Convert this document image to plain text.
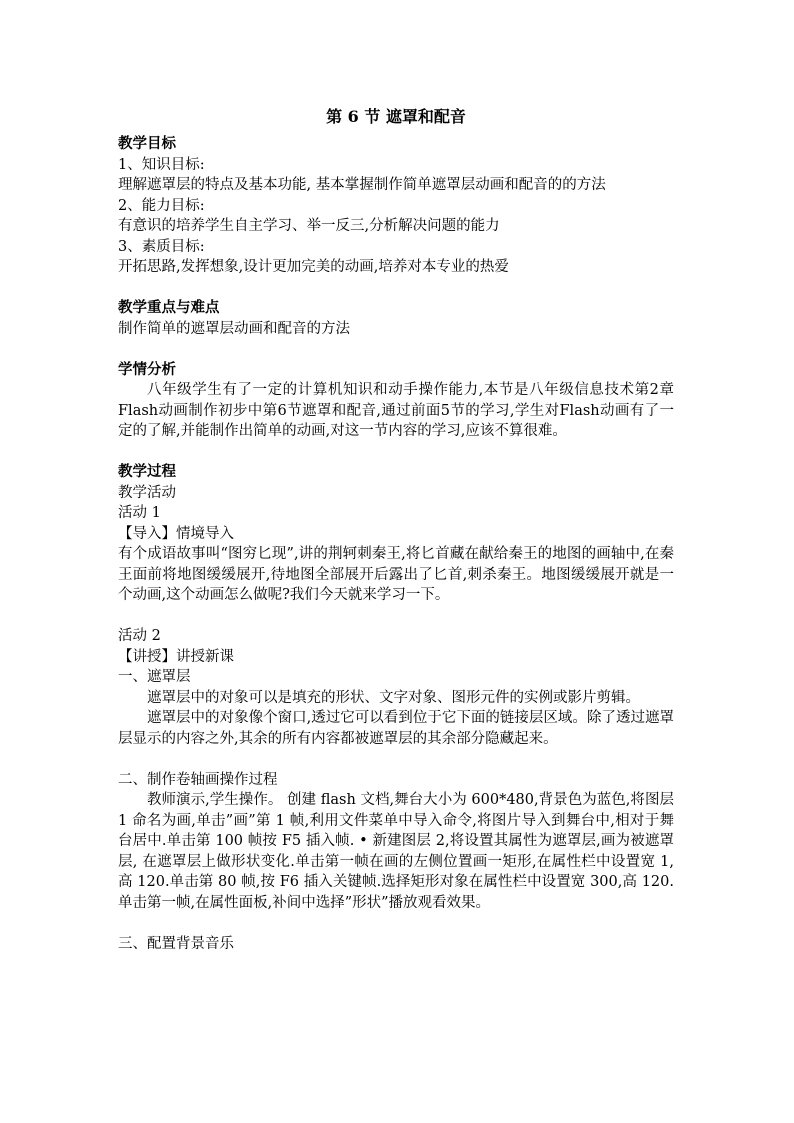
第 6 节 遮罩和配音
教学目标
1、知识目标:
理解遮罩层的特点及基本功能, 基本掌握制作简单遮罩层动画和配音的的方法
2、能力目标:
有意识的培养学生自主学习、举一反三,分析解决问题的能力
3、素质目标:
开拓思路,发挥想象,设计更加完美的动画,培养对本专业的热爱
教学重点与难点
制作简单的遮罩层动画和配音的方法
学情分析
八年级学生有了一定的计算机知识和动手操作能力,本节是八年级信息技术第2章Flash动画制作初步中第6节遮罩和配音,通过前面5节的学习,学生对Flash动画有了一定的了解,并能制作出简单的动画,对这一节内容的学习,应该不算很难。
教学过程
教学活动
活动 1
【导入】情境导入
有个成语故事叫“图穷匕现”,讲的荆轲刺秦王,将匕首藏在献给秦王的地图的画轴中,在秦王面前将地图缓缓展开,待地图全部展开后露出了匕首,刺杀秦王。地图缓缓展开就是一个动画,这个动画怎么做呢?我们今天就来学习一下。
活动 2
【讲授】讲授新课
一、遮罩层
遮罩层中的对象可以是填充的形状、文字对象、图形元件的实例或影片剪辑。
遮罩层中的对象像个窗口,透过它可以看到位于它下面的链接层区域。除了透过遮罩层显示的内容之外,其余的所有内容都被遮罩层的其余部分隐藏起来。
二、制作卷轴画操作过程
教师演示,学生操作。 创建 flash 文档,舞台大小为 600*480,背景色为蓝色,将图层 1 命名为画,单击”画”第 1 帧,利用文件菜单中导入命令,将图片导入到舞台中,相对于舞台居中.单击第 100 帧按 F5 插入帧. • 新建图层 2,将设置其属性为遮罩层,画为被遮罩层, 在遮罩层上做形状变化.单击第一帧在画的左侧位置画一矩形,在属性栏中设置宽 1,高 120.单击第 80 帧,按 F6 插入关键帧.选择矩形对象在属性栏中设置宽 300,高 120.单击第一帧,在属性面板,补间中选择”形状”播放观看效果。
三、配置背景音乐
